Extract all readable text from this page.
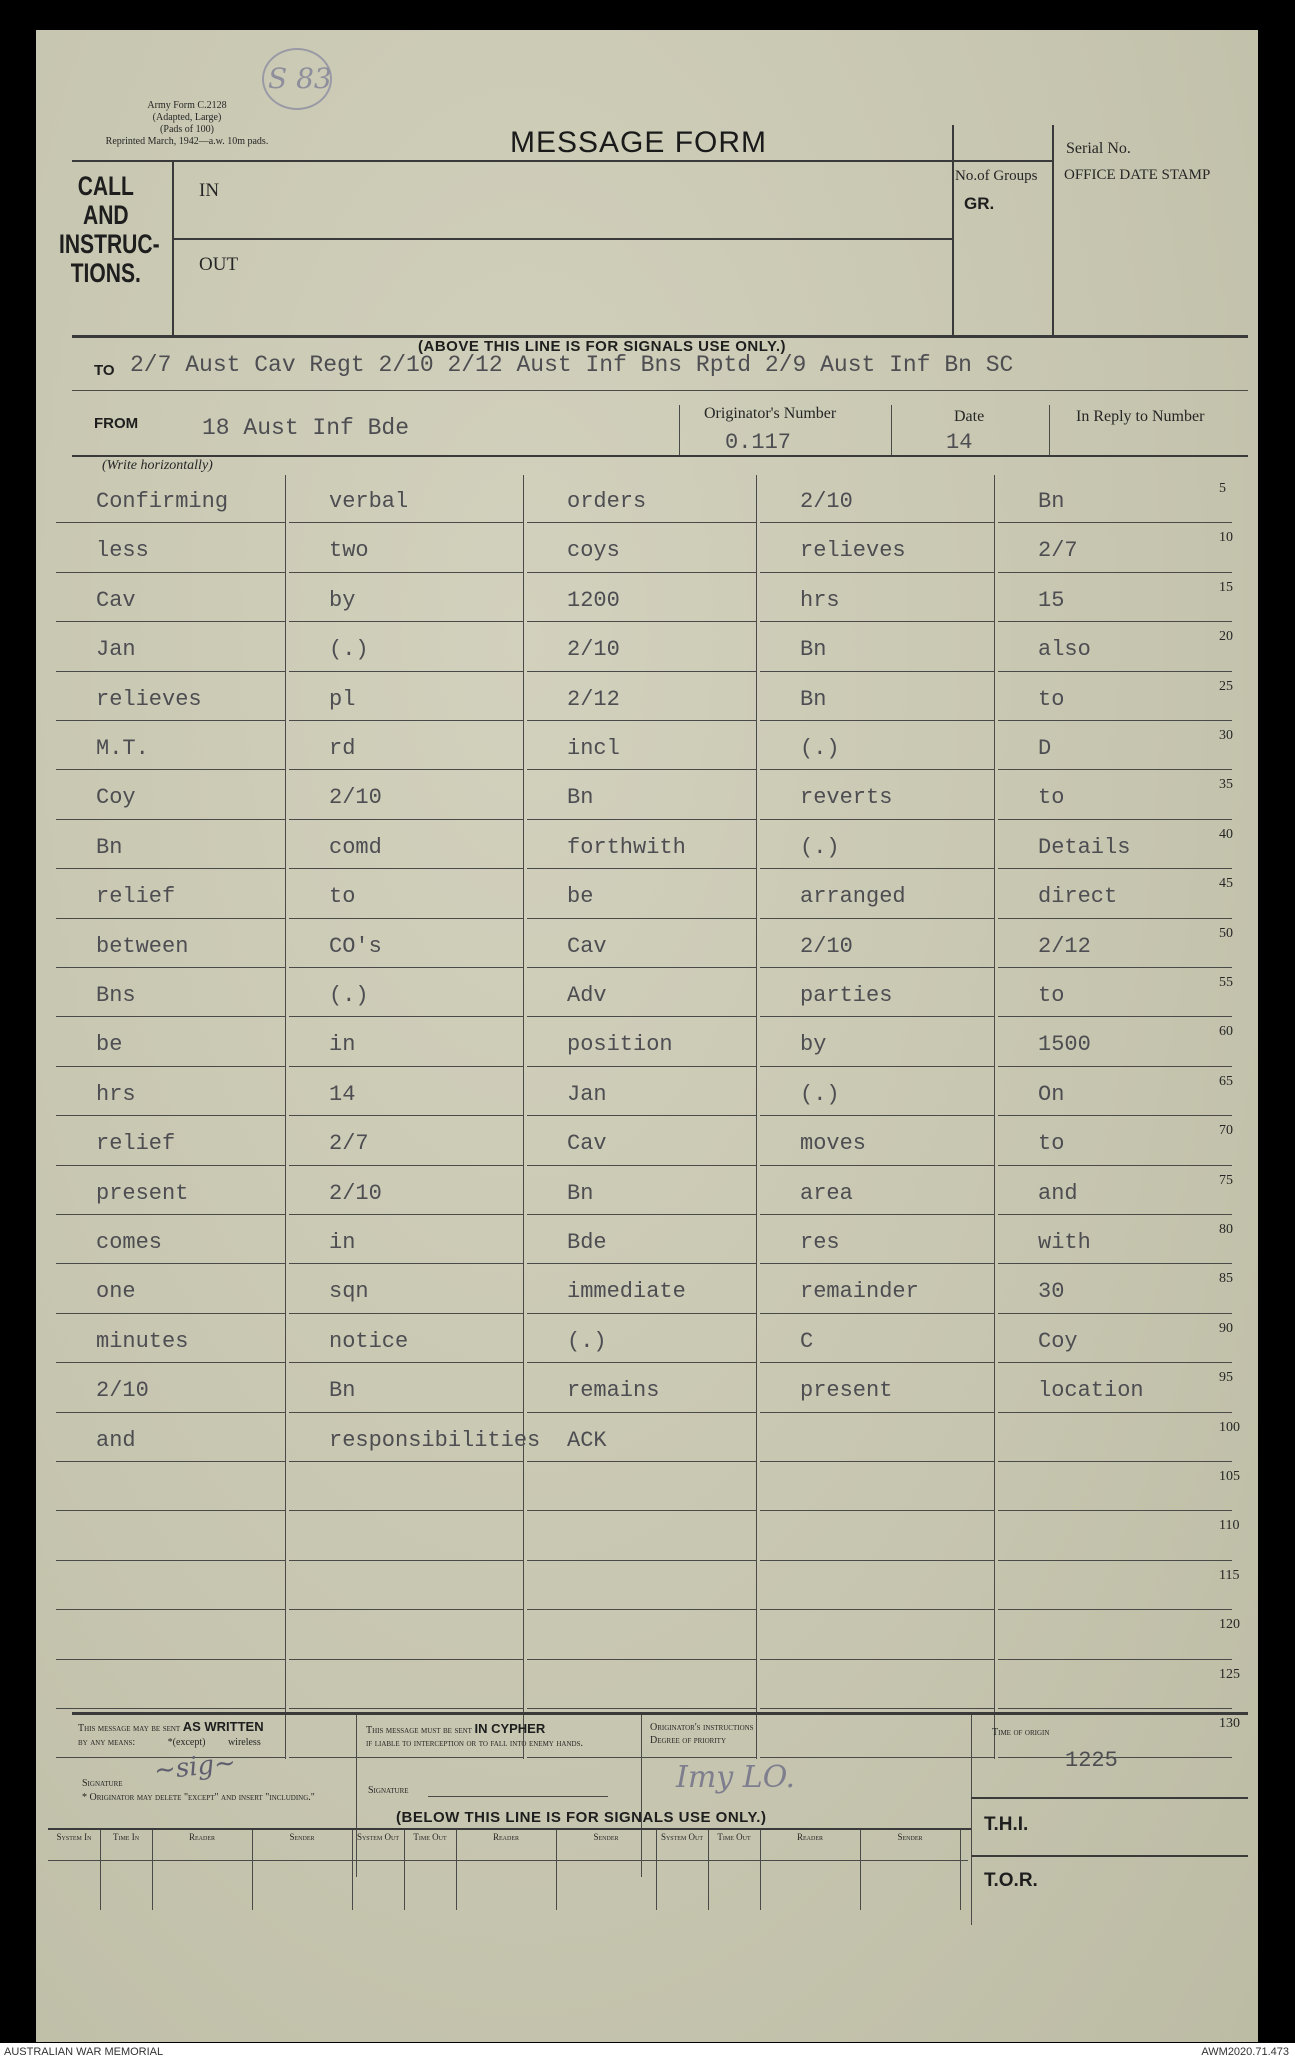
Army Form C.2128
(Adapted, Large)
(Pads of 100)
Reprinted March, 1942—a.w. 10m pads.
S 83
MESSAGE FORM	Serial No.
OFFICE DATE STAMP
No.of Groups
GR.
CALL
AND
INSTRUC-
TIONS.
IN
OUT
(ABOVE THIS LINE IS FOR SIGNALS USE ONLY.)
TO 2/7 Aust Cav Regt 2/10 2/12 Aust Inf Bns Rptd 2/9 Aust Inf Bn SC
FROM	18 Aust Inf Bde
Originator's Number
0.117
Date
14
In Reply to Number
(Write horizontally)
Confirming	verbal	orders	2/10	Bn
5
less	two	coys	relieves	2/7
10
Cav	by	1200	hrs	15
15
Jan	(.)	2/10	Bn	also
20
relieves	pl	2/12	Bn	to
25
M.T.	rd	incl	(.)	D
30
Coy	2/10	Bn	reverts	to
35
Bn	comd	forthwith	(.)	Details
40
relief	to	be	arranged	direct
45
between	CO's	Cav	2/10	2/12
50
Bns	(.)	Adv	parties	to
55
be	in	position	by	1500
60
hrs	14	Jan	(.)	On
65
relief	2/7	Cav	moves	to
70
present	2/10	Bn	area	and
75
comes	in	Bde	res	with
80
one	sqn	immediate	remainder	30
85
minutes	notice	(.)	C	Coy
90
2/10	Bn	remains	present	location
95
and	responsibilities ACK
100
105
110
115
120
125
130
This message may be sent AS WRITTEN
by any means:	*(except) wireless
Signature
* Originator may delete "except" and insert "including."
~sig~
This message must be sent IN CYPHER
if liable to interception or to fall into enemy hands.
Signature
Originator's instructions
Degree of priority
Imy LO.
Time of origin
1225
T.H.I.
T.O.R.
(BELOW THIS LINE IS FOR SIGNALS USE ONLY.)
System In	Time In	Reader	Sender	System Out	Time Out	Reader	Sender	System Out	Time Out	Reader	Sender
AUSTRALIAN WAR MEMORIAL	AWM2020.71.473
